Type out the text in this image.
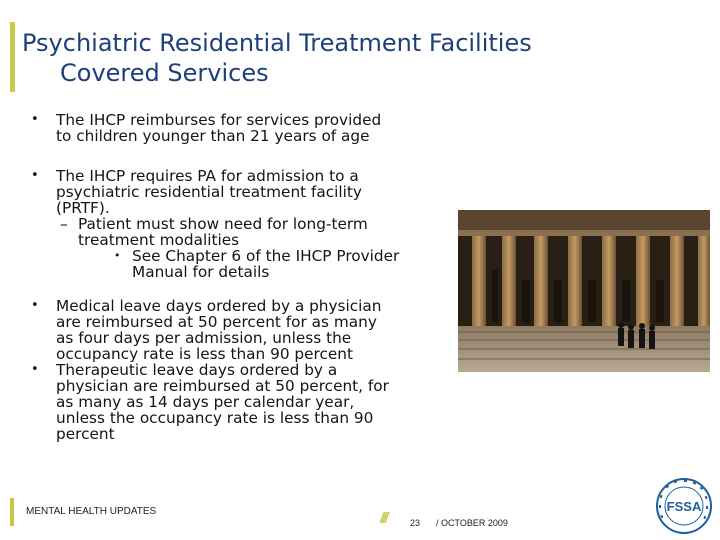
Psychiatric Residential Treatment Facilities
Covered Services
• The IHCP reimburses for services provided
to children younger than 21 years of age
• The IHCP requires PA for admission to a
psychiatric residential treatment facility
(PRTF).
– Patient must show need for long-term
treatment modalities
• See Chapter 6 of the IHCP Provider
Manual for details
• Medical leave days ordered by a physician
are reimbursed at 50 percent for as many
as four days per admission, unless the
occupancy rate is less than 90 percent
• Therapeutic leave days ordered by a
physician are reimbursed at 50 percent, for
as many as 14 days per calendar year,
unless the occupancy rate is less than 90
percent
MENTAL HEALTH UPDATES	///	23 / OCTOBER 2009
FSSA
